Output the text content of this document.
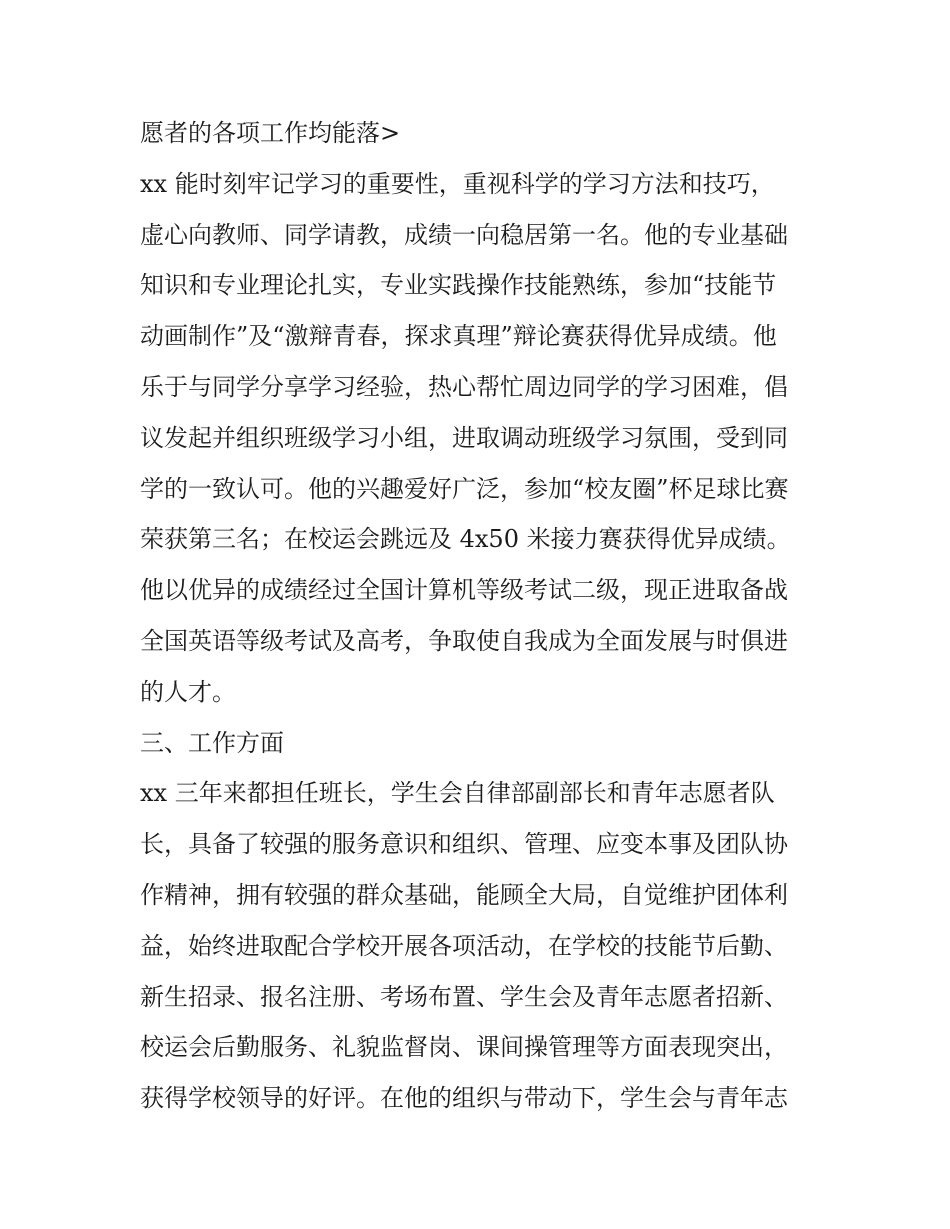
愿者的各项工作均能落>

xx 能时刻牢记学习的重要性，重视科学的学习方法和技巧，

虚心向教师、同学请教，成绩一向稳居第一名。他的专业基础

知识和专业理论扎实，专业实践操作技能熟练，参加“技能节

动画制作”及“激辩青春，探求真理”辩论赛获得优异成绩。他

乐于与同学分享学习经验，热心帮忙周边同学的学习困难，倡

议发起并组织班级学习小组，进取调动班级学习氛围，受到同

学的一致认可。他的兴趣爱好广泛，参加“校友圈”杯足球比赛

荣获第三名；在校运会跳远及 4x50 米接力赛获得优异成绩。

他以优异的成绩经过全国计算机等级考试二级，现正进取备战

全国英语等级考试及高考，争取使自我成为全面发展与时俱进

的人才。

三、工作方面

xx 三年来都担任班长，学生会自律部副部长和青年志愿者队

长，具备了较强的服务意识和组织、管理、应变本事及团队协

作精神，拥有较强的群众基础，能顾全大局，自觉维护团体利

益，始终进取配合学校开展各项活动，在学校的技能节后勤、

新生招录、报名注册、考场布置、学生会及青年志愿者招新、

校运会后勤服务、礼貌监督岗、课间操管理等方面表现突出，

获得学校领导的好评。在他的组织与带动下，学生会与青年志
